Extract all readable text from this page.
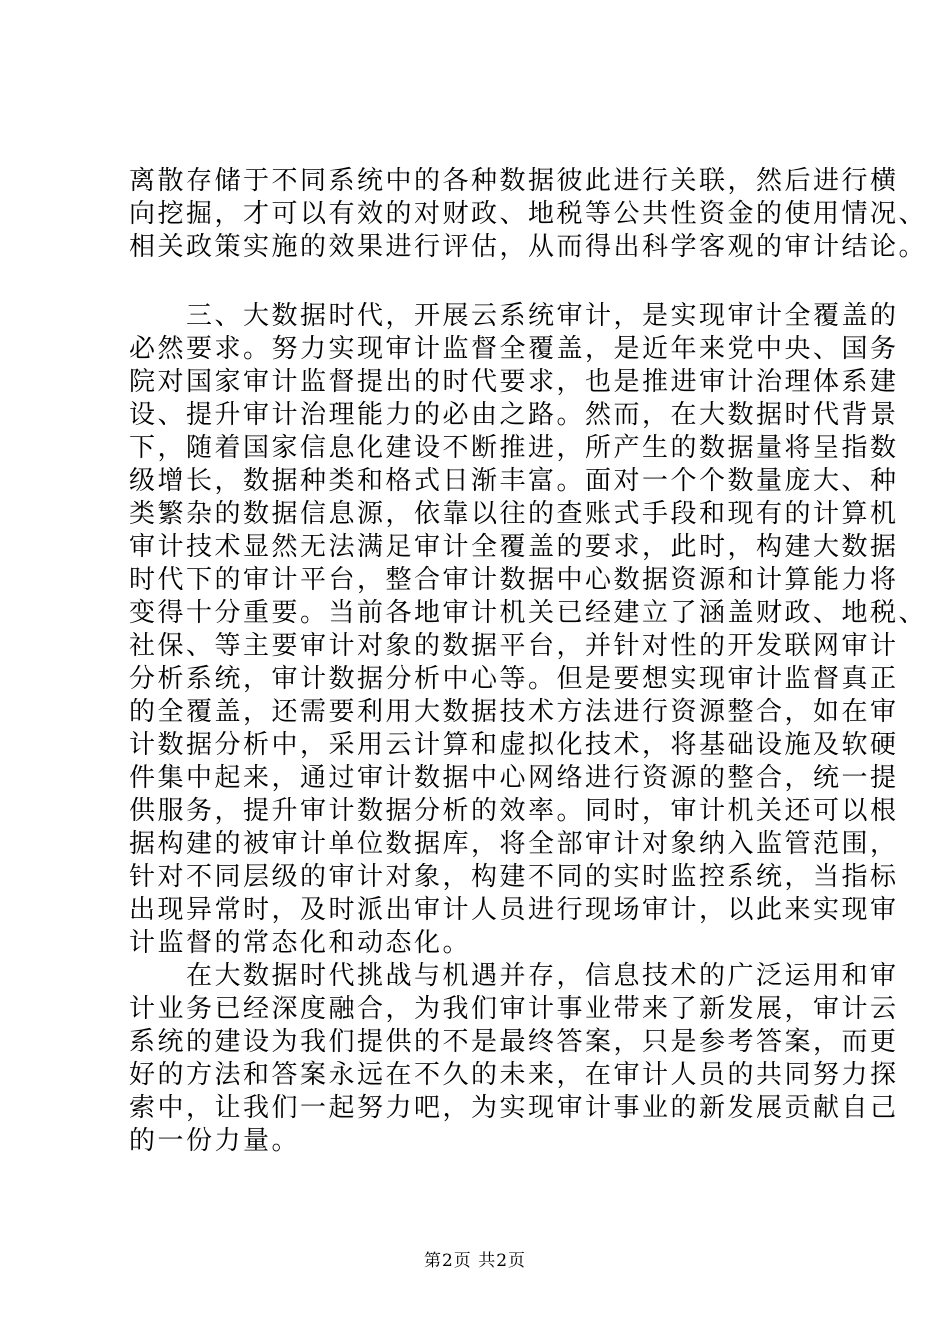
离散存储于不同系统中的各种数据彼此进行关联，然后进行横
向挖掘，才可以有效的对财政、地税等公共性资金的使用情况、
相关政策实施的效果进行评估，从而得出科学客观的审计结论。
　　三、大数据时代，开展云系统审计，是实现审计全覆盖的
必然要求。努力实现审计监督全覆盖，是近年来党中央、国务
院对国家审计监督提出的时代要求，也是推进审计治理体系建
设、提升审计治理能力的必由之路。然而，在大数据时代背景
下，随着国家信息化建设不断推进，所产生的数据量将呈指数
级增长，数据种类和格式日渐丰富。面对一个个数量庞大、种
类繁杂的数据信息源，依靠以往的查账式手段和现有的计算机
审计技术显然无法满足审计全覆盖的要求，此时，构建大数据
时代下的审计平台，整合审计数据中心数据资源和计算能力将
变得十分重要。当前各地审计机关已经建立了涵盖财政、地税、
社保、等主要审计对象的数据平台，并针对性的开发联网审计
分析系统，审计数据分析中心等。但是要想实现审计监督真正
的全覆盖，还需要利用大数据技术方法进行资源整合，如在审
计数据分析中，采用云计算和虚拟化技术，将基础设施及软硬
件集中起来，通过审计数据中心网络进行资源的整合，统一提
供服务，提升审计数据分析的效率。同时，审计机关还可以根
据构建的被审计单位数据库，将全部审计对象纳入监管范围，
针对不同层级的审计对象，构建不同的实时监控系统，当指标
出现异常时，及时派出审计人员进行现场审计，以此来实现审
计监督的常态化和动态化。
　　在大数据时代挑战与机遇并存，信息技术的广泛运用和审
计业务已经深度融合，为我们审计事业带来了新发展，审计云
系统的建设为我们提供的不是最终答案，只是参考答案，而更
好的方法和答案永远在不久的未来，在审计人员的共同努力探
索中，让我们一起努力吧，为实现审计事业的新发展贡献自己
的一份力量。
第2页 共2页
